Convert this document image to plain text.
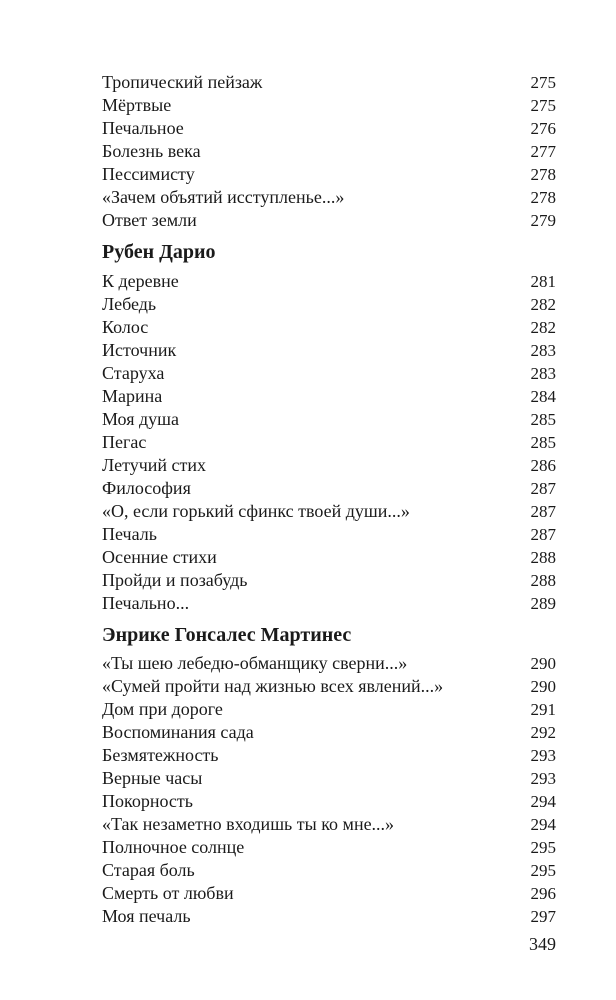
Тропический пейзаж	275
Мёртвые	275
Печальное	276
Болезнь века	277
Пессимисту	278
«Зачем объятий исступленье...»	278
Ответ земли	279
Рубен Дарио
К деревне	281
Лебедь	282
Колос	282
Источник	283
Старуха	283
Марина	284
Моя душа	285
Пегас	285
Летучий стих	286
Философия	287
«О, если горький сфинкс твоей души...»	287
Печаль	287
Осенние стихи	288
Пройди и позабудь	288
Печально...	289
Энрике Гонсалес Мартинес
«Ты шею лебедю-обманщику сверни...»	290
«Сумей пройти над жизнью всех явлений...»	290
Дом при дороге	291
Воспоминания сада	292
Безмятежность	293
Верные часы	293
Покорность	294
«Так незаметно входишь ты ко мне...»	294
Полночное солнце	295
Старая боль	295
Смерть от любви	296
Моя печаль	297
349
